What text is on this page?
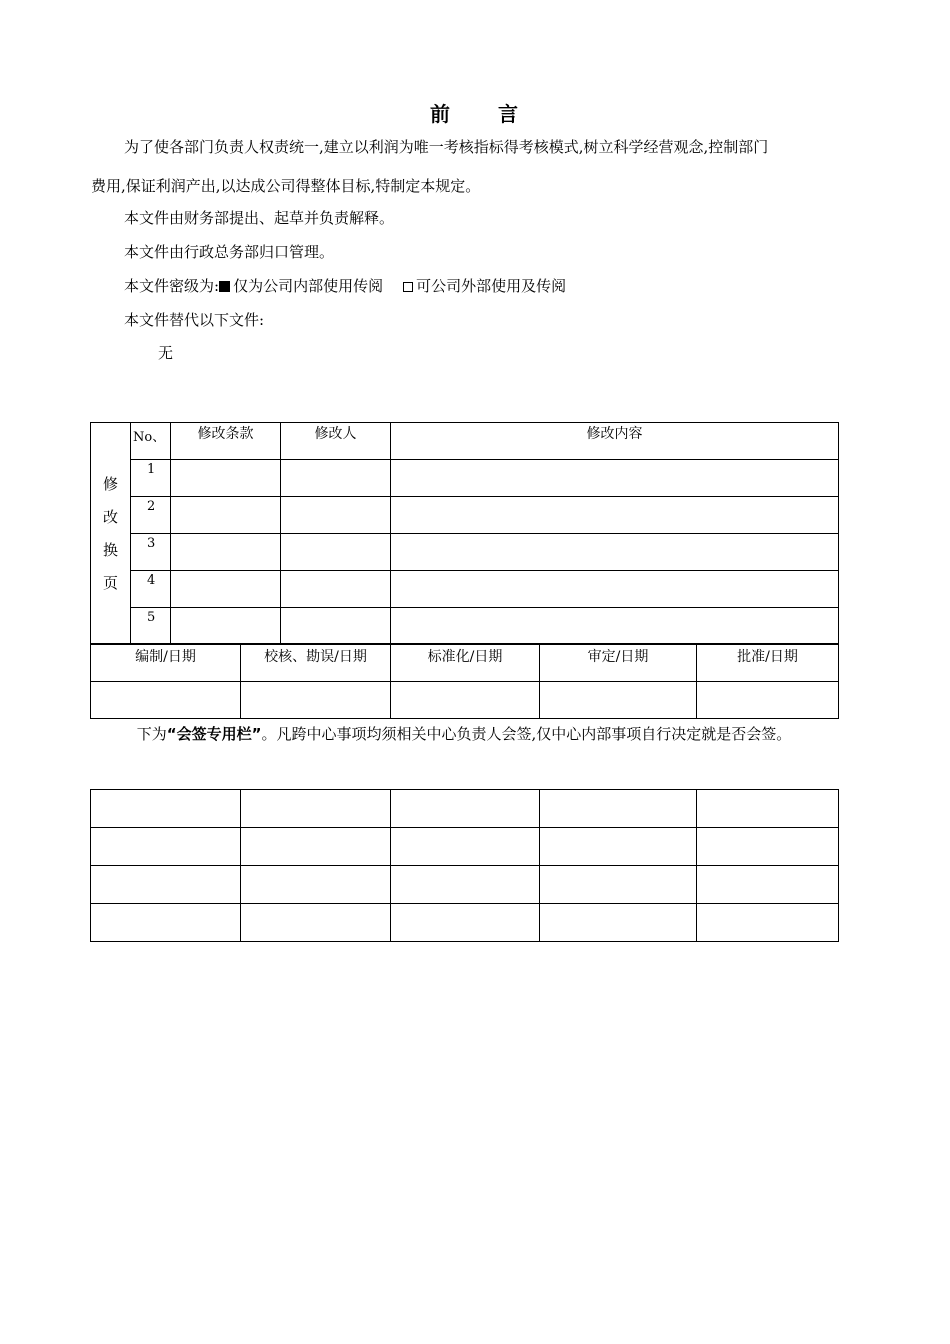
前 言
为了使各部门负责人权责统一,建立以利润为唯一考核指标得考核模式,树立科学经营观念,控制部门
费用,保证利润产出,以达成公司得整体目标,特制定本规定。
本文件由财务部提出、起草并负责解释。
本文件由行政总务部归口管理。
本文件密级为: 仅为公司内部使用传阅 可公司外部使用及传阅
本文件替代以下文件:
无
修
改
换
页	No、	修改条款	修改人	修改内容
	1			
	2			
	3			
	4			
	5			
编制/日期	校核、勘误/日期	标准化/日期	审定/日期	批准/日期

下为“会签专用栏”。凡跨中心事项均须相关中心负责人会签,仅中心内部事项自行决定就是否会签。
